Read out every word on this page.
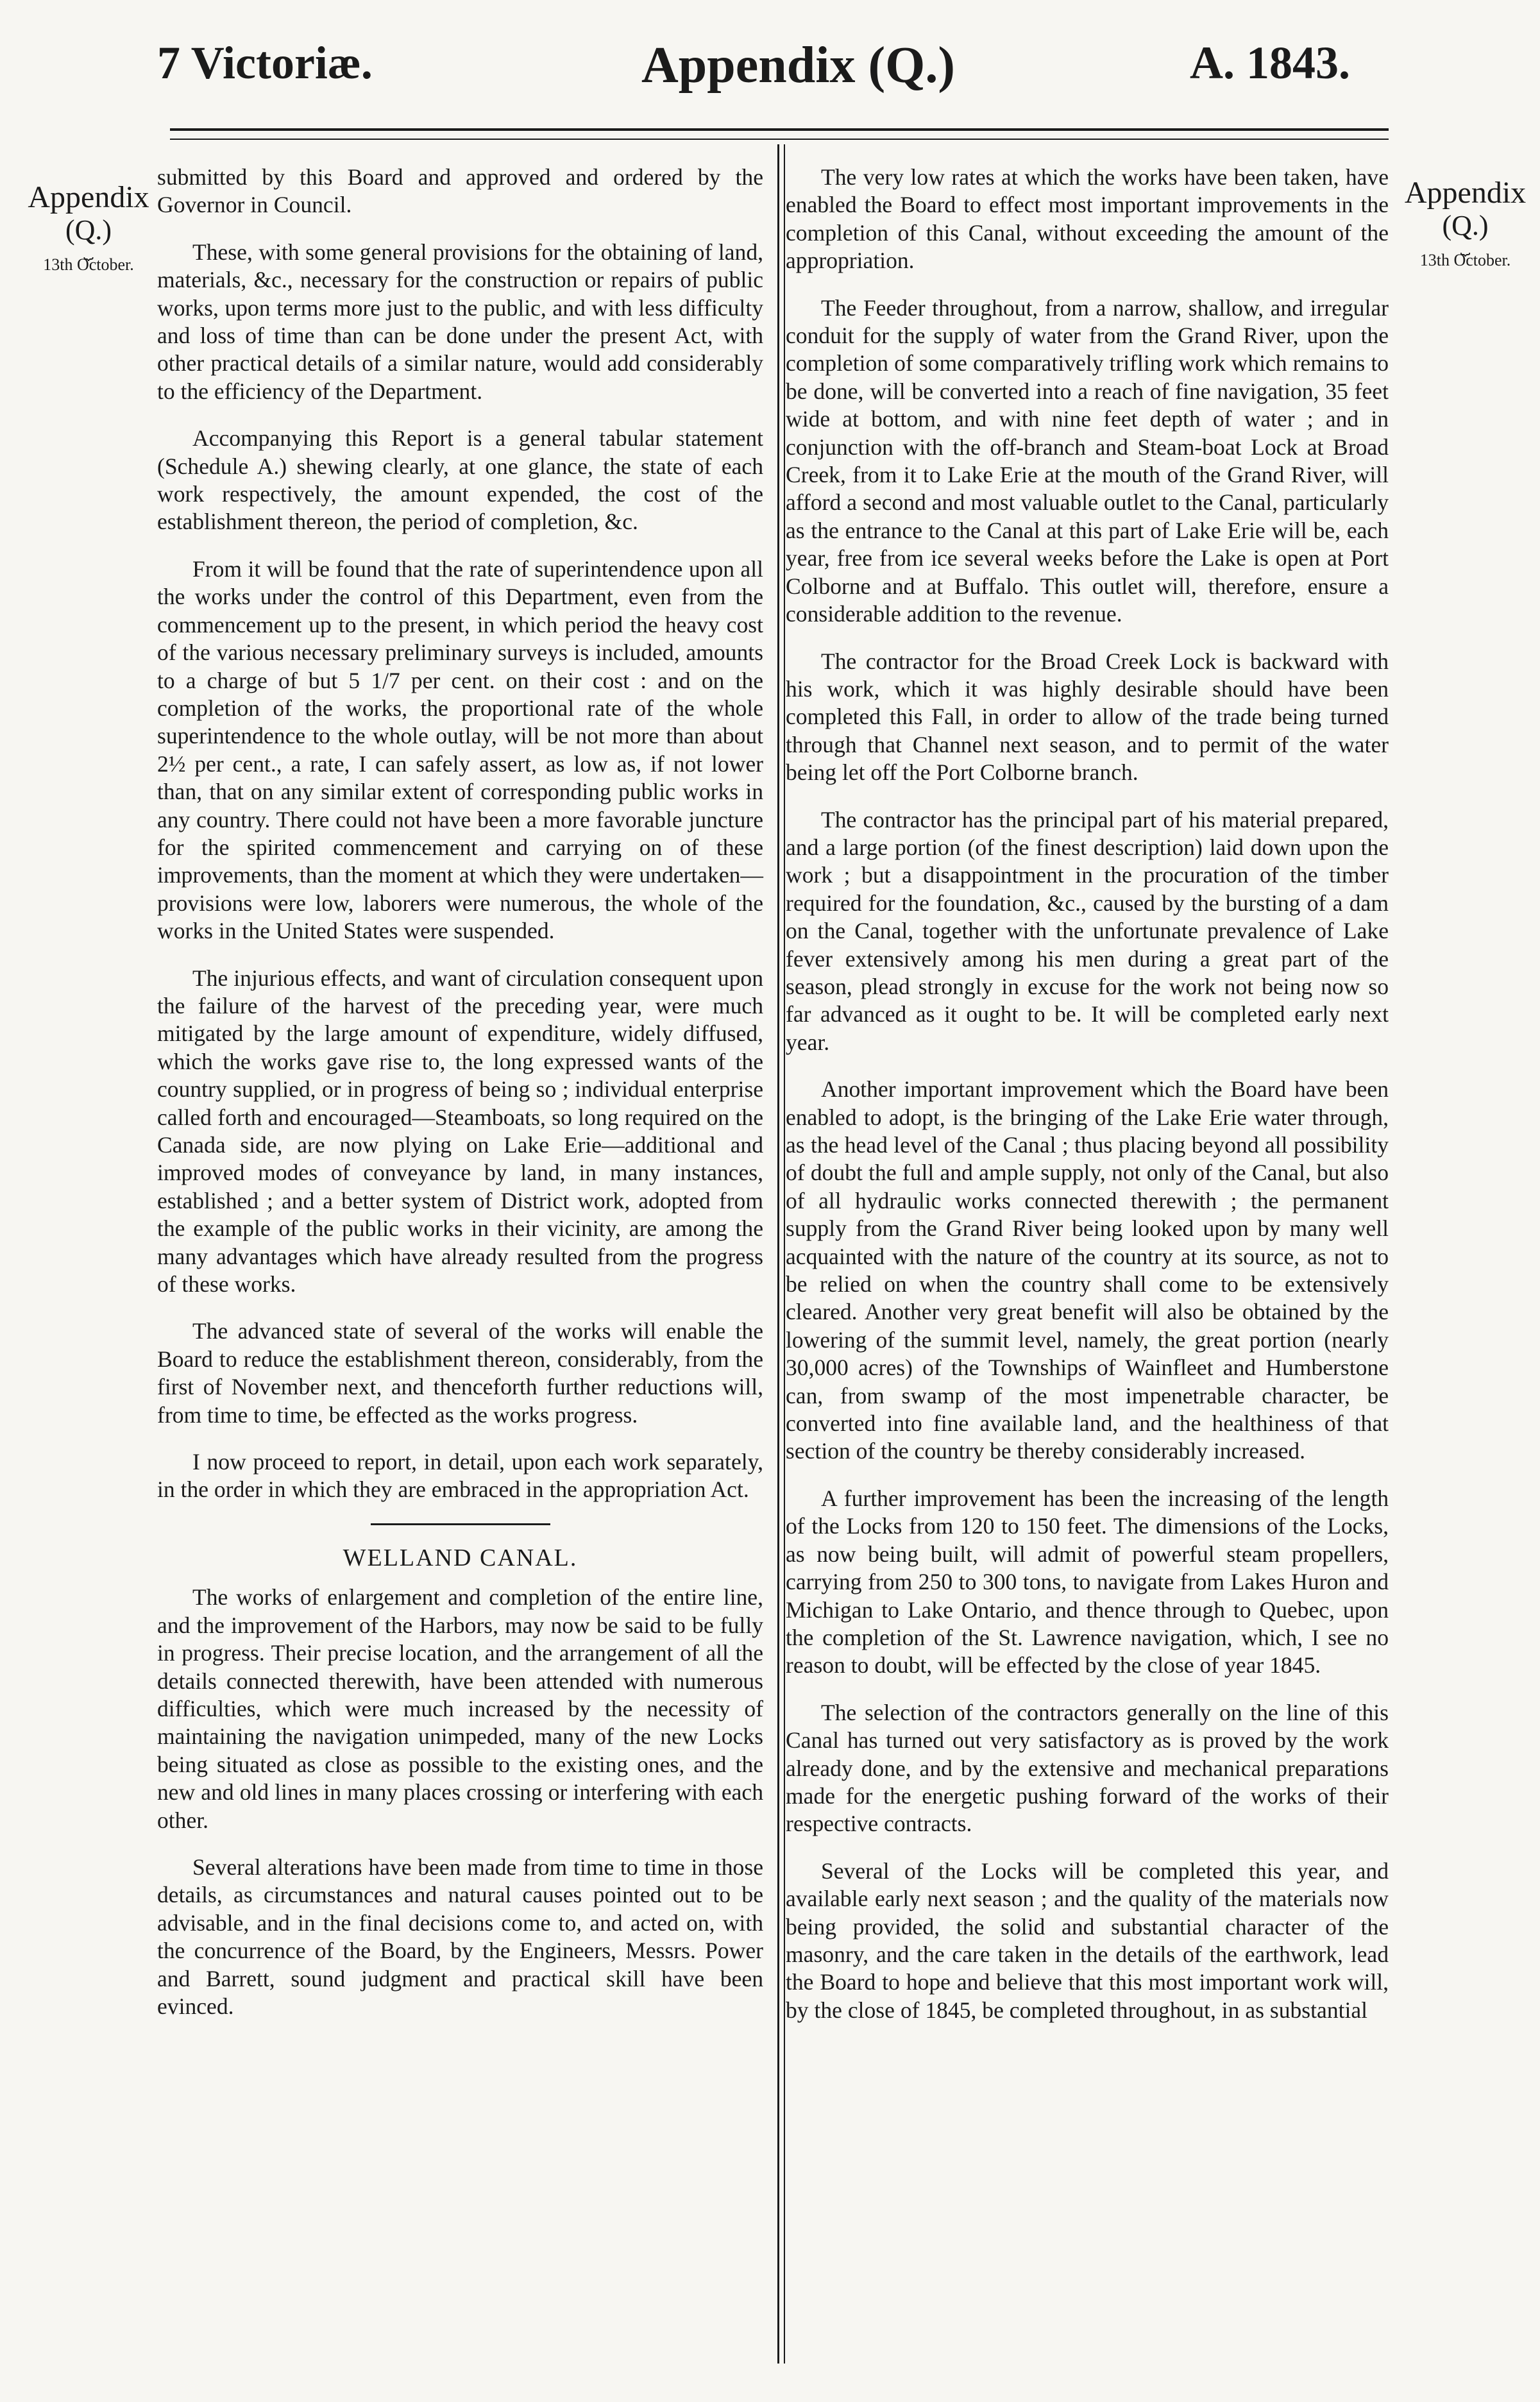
7 Victoriæ.	Appendix (Q.)	A. 1843.
Appendix
(Q.)
⏟
13th October.
Appendix
(Q.)
⏟
13th October.

submitted by this Board and approved and ordered by the Governor in Council.

These, with some general provisions for the obtaining of land, materials, &c., necessary for the construction or repairs of public works, upon terms more just to the public, and with less difficulty and loss of time than can be done under the present Act, with other practical details of a similar nature, would add considerably to the efficiency of the Department.

Accompanying this Report is a general tabular statement (Schedule A.) shewing clearly, at one glance, the state of each work respectively, the amount expended, the cost of the establishment thereon, the period of completion, &c.

From it will be found that the rate of superintendence upon all the works under the control of this Department, even from the commencement up to the present, in which period the heavy cost of the various necessary preliminary surveys is included, amounts to a charge of but 5 1/7 per cent. on their cost : and on the completion of the works, the proportional rate of the whole superintendence to the whole outlay, will be not more than about 2½ per cent., a rate, I can safely assert, as low as, if not lower than, that on any similar extent of corresponding public works in any country. There could not have been a more favorable juncture for the spirited commencement and carrying on of these improvements, than the moment at which they were undertaken—provisions were low, laborers were numerous, the whole of the works in the United States were suspended.

The injurious effects, and want of circulation consequent upon the failure of the harvest of the preceding year, were much mitigated by the large amount of expenditure, widely diffused, which the works gave rise to, the long expressed wants of the country supplied, or in progress of being so ; individual enterprise called forth and encouraged—Steamboats, so long required on the Canada side, are now plying on Lake Erie—additional and improved modes of conveyance by land, in many instances, established ; and a better system of District work, adopted from the example of the public works in their vicinity, are among the many advantages which have already resulted from the progress of these works.

The advanced state of several of the works will enable the Board to reduce the establishment thereon, considerably, from the first of November next, and thenceforth further reductions will, from time to time, be effected as the works progress.

I now proceed to report, in detail, upon each work separately, in the order in which they are embraced in the appropriation Act.

WELLAND CANAL.

The works of enlargement and completion of the entire line, and the improvement of the Harbors, may now be said to be fully in progress. Their precise location, and the arrangement of all the details connected therewith, have been attended with numerous difficulties, which were much increased by the necessity of maintaining the navigation unimpeded, many of the new Locks being situated as close as possible to the existing ones, and the new and old lines in many places crossing or interfering with each other.

Several alterations have been made from time to time in those details, as circumstances and natural causes pointed out to be advisable, and in the final decisions come to, and acted on, with the concurrence of the Board, by the Engineers, Messrs. Power and Barrett, sound judgment and practical skill have been evinced.

The very low rates at which the works have been taken, have enabled the Board to effect most important improvements in the completion of this Canal, without exceeding the amount of the appropriation.

The Feeder throughout, from a narrow, shallow, and irregular conduit for the supply of water from the Grand River, upon the completion of some comparatively trifling work which remains to be done, will be converted into a reach of fine navigation, 35 feet wide at bottom, and with nine feet depth of water ; and in conjunction with the off-branch and Steam-boat Lock at Broad Creek, from it to Lake Erie at the mouth of the Grand River, will afford a second and most valuable outlet to the Canal, particularly as the entrance to the Canal at this part of Lake Erie will be, each year, free from ice several weeks before the Lake is open at Port Colborne and at Buffalo. This outlet will, therefore, ensure a considerable addition to the revenue.

The contractor for the Broad Creek Lock is backward with his work, which it was highly desirable should have been completed this Fall, in order to allow of the trade being turned through that Channel next season, and to permit of the water being let off the Port Colborne branch.

The contractor has the principal part of his material prepared, and a large portion (of the finest description) laid down upon the work ; but a disappointment in the procuration of the timber required for the foundation, &c., caused by the bursting of a dam on the Canal, together with the unfortunate prevalence of Lake fever extensively among his men during a great part of the season, plead strongly in excuse for the work not being now so far advanced as it ought to be. It will be completed early next year.

Another important improvement which the Board have been enabled to adopt, is the bringing of the Lake Erie water through, as the head level of the Canal ; thus placing beyond all possibility of doubt the full and ample supply, not only of the Canal, but also of all hydraulic works connected therewith ; the permanent supply from the Grand River being looked upon by many well acquainted with the nature of the country at its source, as not to be relied on when the country shall come to be extensively cleared. Another very great benefit will also be obtained by the lowering of the summit level, namely, the great portion (nearly 30,000 acres) of the Townships of Wainfleet and Humberstone can, from swamp of the most impenetrable character, be converted into fine available land, and the healthiness of that section of the country be thereby considerably increased.

A further improvement has been the increasing of the length of the Locks from 120 to 150 feet. The dimensions of the Locks, as now being built, will admit of powerful steam propellers, carrying from 250 to 300 tons, to navigate from Lakes Huron and Michigan to Lake Ontario, and thence through to Quebec, upon the completion of the St. Lawrence navigation, which, I see no reason to doubt, will be effected by the close of year 1845.

The selection of the contractors generally on the line of this Canal has turned out very satisfactory as is proved by the work already done, and by the extensive and mechanical preparations made for the energetic pushing forward of the works of their respective contracts.

Several of the Locks will be completed this year, and available early next season ; and the quality of the materials now being provided, the solid and substantial character of the masonry, and the care taken in the details of the earthwork, lead the Board to hope and believe that this most important work will, by the close of 1845, be completed throughout, in as substantial
